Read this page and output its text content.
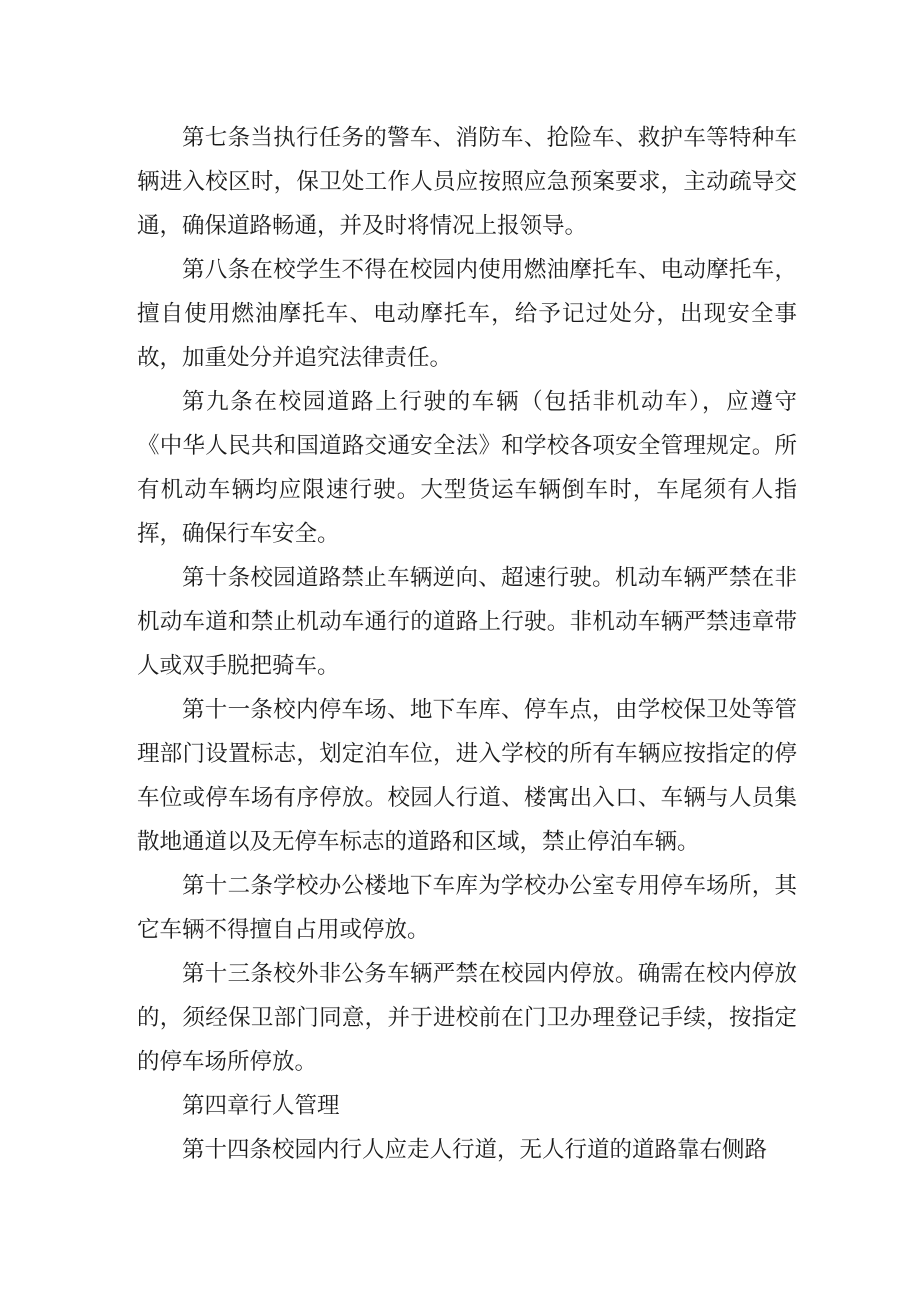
第七条当执行任务的警车、消防车、抢险车、救护车等特种车辆进入校区时，保卫处工作人员应按照应急预案要求，主动疏导交通，确保道路畅通，并及时将情况上报领导。

第八条在校学生不得在校园内使用燃油摩托车、电动摩托车，擅自使用燃油摩托车、电动摩托车，给予记过处分，出现安全事故，加重处分并追究法律责任。

第九条在校园道路上行驶的车辆（包括非机动车），应遵守《中华人民共和国道路交通安全法》和学校各项安全管理规定。所有机动车辆均应限速行驶。大型货运车辆倒车时，车尾须有人指挥，确保行车安全。

第十条校园道路禁止车辆逆向、超速行驶。机动车辆严禁在非机动车道和禁止机动车通行的道路上行驶。非机动车辆严禁违章带人或双手脱把骑车。

第十一条校内停车场、地下车库、停车点，由学校保卫处等管理部门设置标志，划定泊车位，进入学校的所有车辆应按指定的停车位或停车场有序停放。校园人行道、楼寓出入口、车辆与人员集散地通道以及无停车标志的道路和区域，禁止停泊车辆。

第十二条学校办公楼地下车库为学校办公室专用停车场所，其它车辆不得擅自占用或停放。

第十三条校外非公务车辆严禁在校园内停放。确需在校内停放的，须经保卫部门同意，并于进校前在门卫办理登记手续，按指定的停车场所停放。

第四章行人管理

第十四条校园内行人应走人行道，无人行道的道路靠右侧路
